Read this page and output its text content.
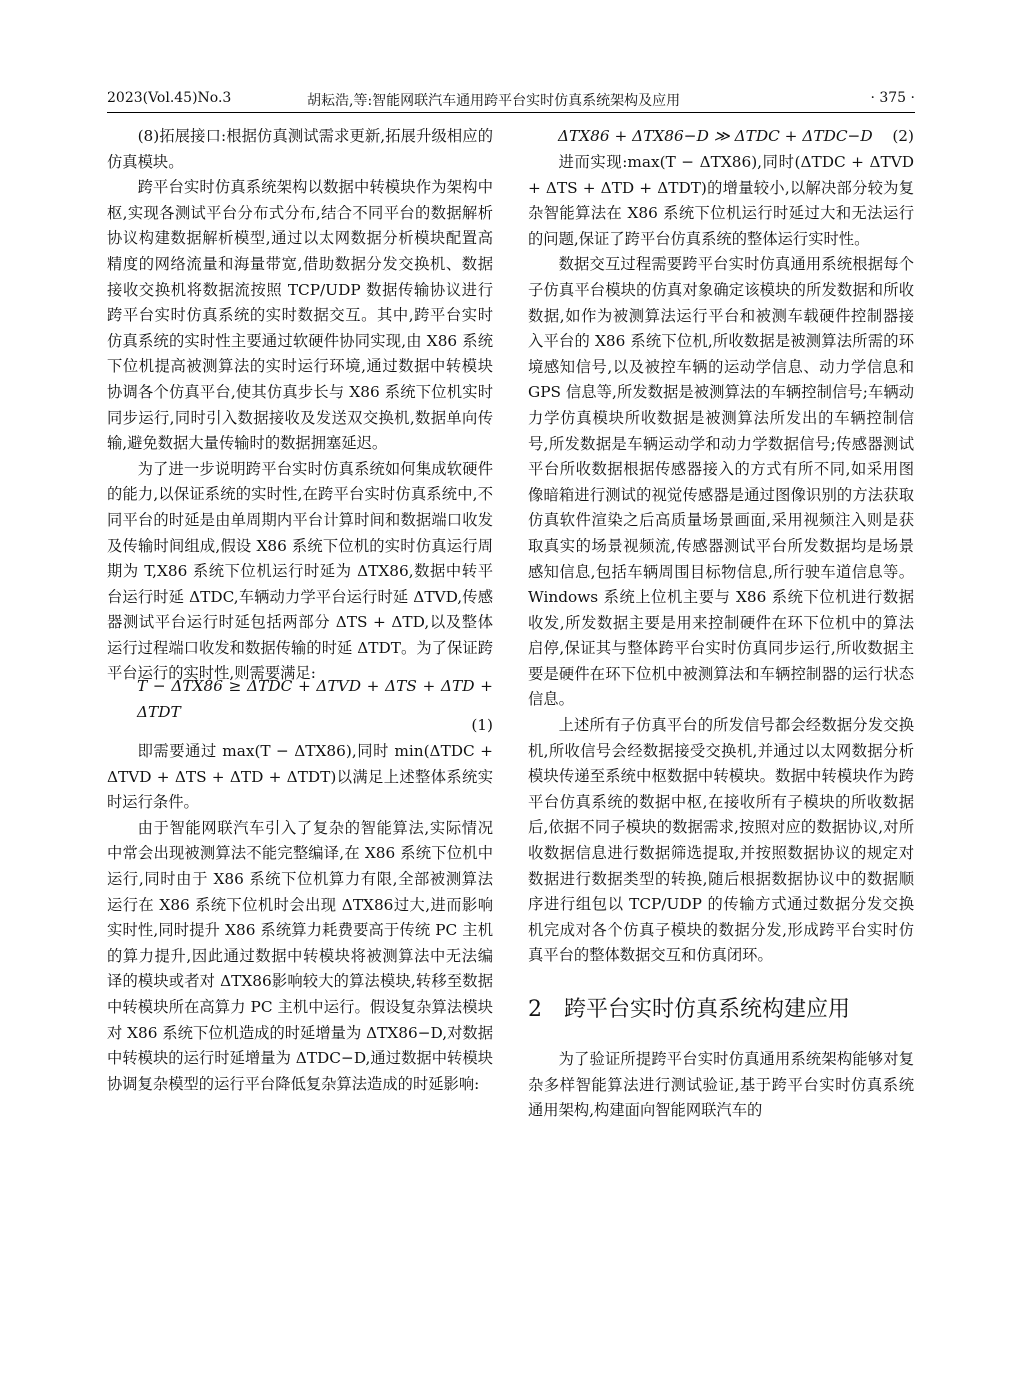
2023(Vol.45)No.3	胡耘浩,等:智能网联汽车通用跨平台实时仿真系统架构及应用	· 375 ·

(8)拓展接口:根据仿真测试需求更新,拓展升级相应的仿真模块。

跨平台实时仿真系统架构以数据中转模块作为架构中枢,实现各测试平台分布式分布,结合不同平台的数据解析协议构建数据解析模型,通过以太网数据分析模块配置高精度的网络流量和海量带宽,借助数据分发交换机、数据接收交换机将数据流按照 TCP/UDP 数据传输协议进行跨平台实时仿真系统的实时数据交互。其中,跨平台实时仿真系统的实时性主要通过软硬件协同实现,由 X86 系统下位机提高被测算法的实时运行环境,通过数据中转模块协调各个仿真平台,使其仿真步长与 X86 系统下位机实时同步运行,同时引入数据接收及发送双交换机,数据单向传输,避免数据大量传输时的数据拥塞延迟。

为了进一步说明跨平台实时仿真系统如何集成软硬件的能力,以保证系统的实时性,在跨平台实时仿真系统中,不同平台的时延是由单周期内平台计算时间和数据端口收发及传输时间组成,假设 X86 系统下位机的实时仿真运行周期为 T,X86 系统下位机运行时延为 ΔTX86,数据中转平台运行时延 ΔTDC,车辆动力学平台运行时延 ΔTVD,传感器测试平台运行时延包括两部分 ΔTS + ΔTD,以及整体运行过程端口收发和数据传输的时延 ΔTDT。为了保证跨平台运行的实时性,则需要满足:

T − ΔTX86 ≥ ΔTDC + ΔTVD + ΔTS + ΔTD + ΔTDT
(1)

即需要通过 max(T − ΔTX86),同时 min(ΔTDC + ΔTVD + ΔTS + ΔTD + ΔTDT)以满足上述整体系统实时运行条件。

由于智能网联汽车引入了复杂的智能算法,实际情况中常会出现被测算法不能完整编译,在 X86 系统下位机中运行,同时由于 X86 系统下位机算力有限,全部被测算法运行在 X86 系统下位机时会出现 ΔTX86过大,进而影响实时性,同时提升 X86 系统算力耗费要高于传统 PC 主机的算力提升,因此通过数据中转模块将被测算法中无法编译的模块或者对 ΔTX86影响较大的算法模块,转移至数据中转模块所在高算力 PC 主机中运行。假设复杂算法模块对 X86 系统下位机造成的时延增量为 ΔTX86−D,对数据中转模块的运行时延增量为 ΔTDC−D,通过数据中转模块协调复杂模型的运行平台降低复杂算法造成的时延影响:

ΔTX86 + ΔTX86−D ≫ ΔTDC + ΔTDC−D (2)

进而实现:max(T − ΔTX86),同时(ΔTDC + ΔTVD + ΔTS + ΔTD + ΔTDT)的增量较小,以解决部分较为复杂智能算法在 X86 系统下位机运行时延过大和无法运行的问题,保证了跨平台仿真系统的整体运行实时性。

数据交互过程需要跨平台实时仿真通用系统根据每个子仿真平台模块的仿真对象确定该模块的所发数据和所收数据,如作为被测算法运行平台和被测车载硬件控制器接入平台的 X86 系统下位机,所收数据是被测算法所需的环境感知信号,以及被控车辆的运动学信息、动力学信息和 GPS 信息等,所发数据是被测算法的车辆控制信号;车辆动力学仿真模块所收数据是被测算法所发出的车辆控制信号,所发数据是车辆运动学和动力学数据信号;传感器测试平台所收数据根据传感器接入的方式有所不同,如采用图像暗箱进行测试的视觉传感器是通过图像识别的方法获取仿真软件渲染之后高质量场景画面,采用视频注入则是获取真实的场景视频流,传感器测试平台所发数据均是场景感知信息,包括车辆周围目标物信息,所行驶车道信息等。Windows 系统上位机主要与 X86 系统下位机进行数据收发,所发数据主要是用来控制硬件在环下位机中的算法启停,保证其与整体跨平台实时仿真同步运行,所收数据主要是硬件在环下位机中被测算法和车辆控制器的运行状态信息。

上述所有子仿真平台的所发信号都会经数据分发交换机,所收信号会经数据接受交换机,并通过以太网数据分析模块传递至系统中枢数据中转模块。数据中转模块作为跨平台仿真系统的数据中枢,在接收所有子模块的所收数据后,依据不同子模块的数据需求,按照对应的数据协议,对所收数据信息进行数据筛选提取,并按照数据协议的规定对数据进行数据类型的转换,随后根据数据协议中的数据顺序进行组包以 TCP/UDP 的传输方式通过数据分发交换机完成对各个仿真子模块的数据分发,形成跨平台实时仿真平台的整体数据交互和仿真闭环。

2 跨平台实时仿真系统构建应用

为了验证所提跨平台实时仿真通用系统架构能够对复杂多样智能算法进行测试验证,基于跨平台实时仿真系统通用架构,构建面向智能网联汽车的
